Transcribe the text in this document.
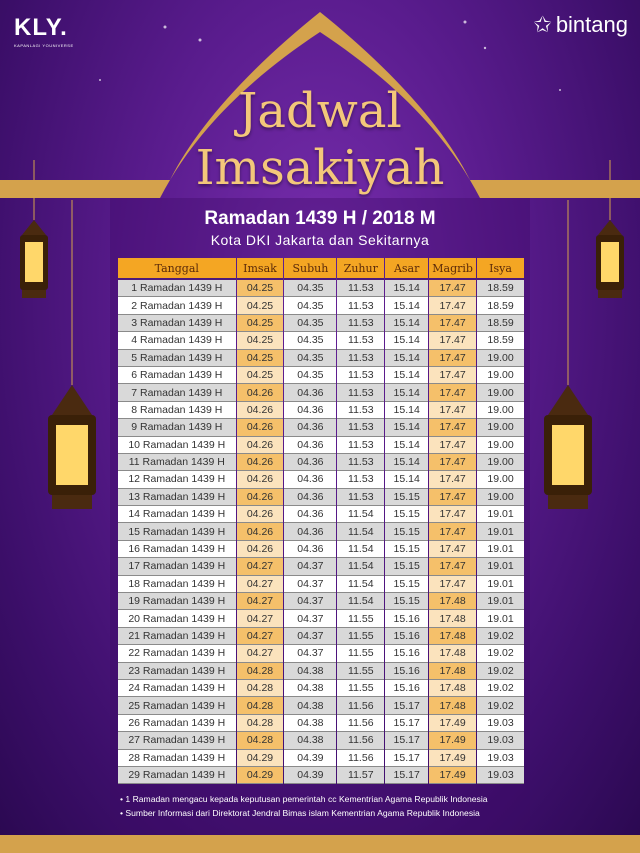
KLY.
KAPANLAGI YOUNIVERSE
✩ bintang
Jadwal
Imsakiyah
Ramadan 1439 H / 2018 M
Kota DKI Jakarta dan Sekitarnya
Tanggal	Imsak	Subuh	Zuhur	Asar	Magrib	Isya
1 Ramadan 1439 H	04.25	04.35	11.53	15.14	17.47	18.59
2 Ramadan 1439 H	04.25	04.35	11.53	15.14	17.47	18.59
3 Ramadan 1439 H	04.25	04.35	11.53	15.14	17.47	18.59
4 Ramadan 1439 H	04.25	04.35	11.53	15.14	17.47	18.59
5 Ramadan 1439 H	04.25	04.35	11.53	15.14	17.47	19.00
6 Ramadan 1439 H	04.25	04.35	11.53	15.14	17.47	19.00
7 Ramadan 1439 H	04.26	04.36	11.53	15.14	17.47	19.00
8 Ramadan 1439 H	04.26	04.36	11.53	15.14	17.47	19.00
9 Ramadan 1439 H	04.26	04.36	11.53	15.14	17.47	19.00
10 Ramadan 1439 H	04.26	04.36	11.53	15.14	17.47	19.00
11 Ramadan 1439 H	04.26	04.36	11.53	15.14	17.47	19.00
12 Ramadan 1439 H	04.26	04.36	11.53	15.14	17.47	19.00
13 Ramadan 1439 H	04.26	04.36	11.53	15.15	17.47	19.00
14 Ramadan 1439 H	04.26	04.36	11.54	15.15	17.47	19.01
15 Ramadan 1439 H	04.26	04.36	11.54	15.15	17.47	19.01
16 Ramadan 1439 H	04.26	04.36	11.54	15.15	17.47	19.01
17 Ramadan 1439 H	04.27	04.37	11.54	15.15	17.47	19.01
18 Ramadan 1439 H	04.27	04.37	11.54	15.15	17.47	19.01
19 Ramadan 1439 H	04.27	04.37	11.54	15.15	17.48	19.01
20 Ramadan 1439 H	04.27	04.37	11.55	15.16	17.48	19.01
21 Ramadan 1439 H	04.27	04.37	11.55	15.16	17.48	19.02
22 Ramadan 1439 H	04.27	04.37	11.55	15.16	17.48	19.02
23 Ramadan 1439 H	04.28	04.38	11.55	15.16	17.48	19.02
24 Ramadan 1439 H	04.28	04.38	11.55	15.16	17.48	19.02
25 Ramadan 1439 H	04.28	04.38	11.56	15.17	17.48	19.02
26 Ramadan 1439 H	04.28	04.38	11.56	15.17	17.49	19.03
27 Ramadan 1439 H	04.28	04.38	11.56	15.17	17.49	19.03
28 Ramadan 1439 H	04.29	04.39	11.56	15.17	17.49	19.03
29 Ramadan 1439 H	04.29	04.39	11.57	15.17	17.49	19.03
• 1 Ramadan mengacu kepada keputusan pemerintah cc Kementrian Agama Republik Indonesia
• Sumber Informasi dari Direktorat Jendral Bimas islam Kementrian Agama Republik Indonesia
